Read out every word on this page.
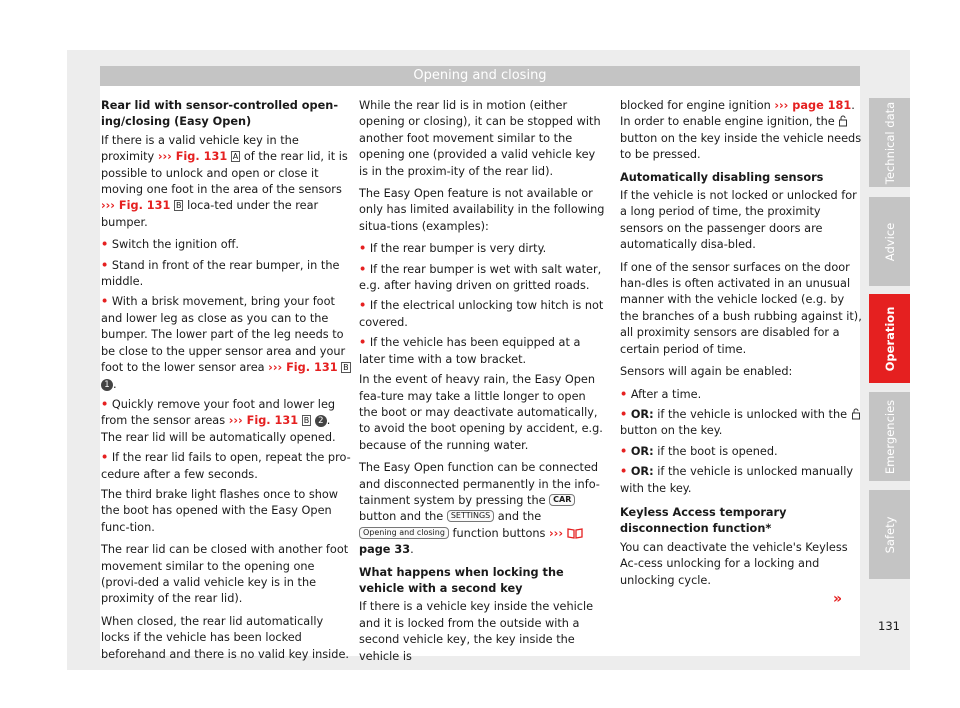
Opening and closing

Rear lid with sensor-controlled open-ing/closing (Easy Open)

If there is a valid vehicle key in the proximity ››› Fig. 131 A of the rear lid, it is possible to unlock and open or close it moving one foot in the area of the sensors ››› Fig. 131 B loca-ted under the rear bumper.

• Switch the ignition off.

• Stand in front of the rear bumper, in the middle.

• With a brisk movement, bring your foot and lower leg as close as you can to the bumper. The lower part of the leg needs to be close to the upper sensor area and your foot to the lower sensor area ››› Fig. 131 B 1 .

• Quickly remove your foot and lower leg from the sensor areas ››› Fig. 131 B 2 . The rear lid will be automatically opened.

• If the rear lid fails to open, repeat the pro-cedure after a few seconds.

The third brake light flashes once to show the boot has opened with the Easy Open func-tion.

The rear lid can be closed with another foot movement similar to the opening one (provi-ded a valid vehicle key is in the proximity of the rear lid).

When closed, the rear lid automatically locks if the vehicle has been locked beforehand and there is no valid key inside.

While the rear lid is in motion (either opening or closing), it can be stopped with another foot movement similar to the opening one (provided a valid vehicle key is in the proxim-ity of the rear lid).

The Easy Open feature is not available or only has limited availability in the following situa-tions (examples):

• If the rear bumper is very dirty.

• If the rear bumper is wet with salt water, e.g. after having driven on gritted roads.

• If the electrical unlocking tow hitch is not covered.

• If the vehicle has been equipped at a later time with a tow bracket.

In the event of heavy rain, the Easy Open fea-ture may take a little longer to open the boot or may deactivate automatically, to avoid the boot opening by accident, e.g. because of the running water.

The Easy Open function can be connected and disconnected permanently in the info-tainment system by pressing the CAR button and the SETTINGS and the Opening and closing function buttons ›››  page 33.

What happens when locking the vehicle with a second key

If there is a vehicle key inside the vehicle and it is locked from the outside with a second vehicle key, the key inside the vehicle is

blocked for engine ignition ››› page 181. In order to enable engine ignition, the  button on the key inside the vehicle needs to be pressed.

Automatically disabling sensors

If the vehicle is not locked or unlocked for a long period of time, the proximity sensors on the passenger doors are automatically disa-bled.

If one of the sensor surfaces on the door han-dles is often activated in an unusual manner with the vehicle locked (e.g. by the branches of a bush rubbing against it), all proximity sensors are disabled for a certain period of time.

Sensors will again be enabled:

• After a time.

• OR: if the vehicle is unlocked with the  button on the key.

• OR: if the boot is opened.

• OR: if the vehicle is unlocked manually with the key.

Keyless Access temporary disconnection function*

You can deactivate the vehicle's Keyless Ac-cess unlocking for a locking and unlocking cycle.

»
Technical data
Advice
Operation
Emergencies
Safety
131
